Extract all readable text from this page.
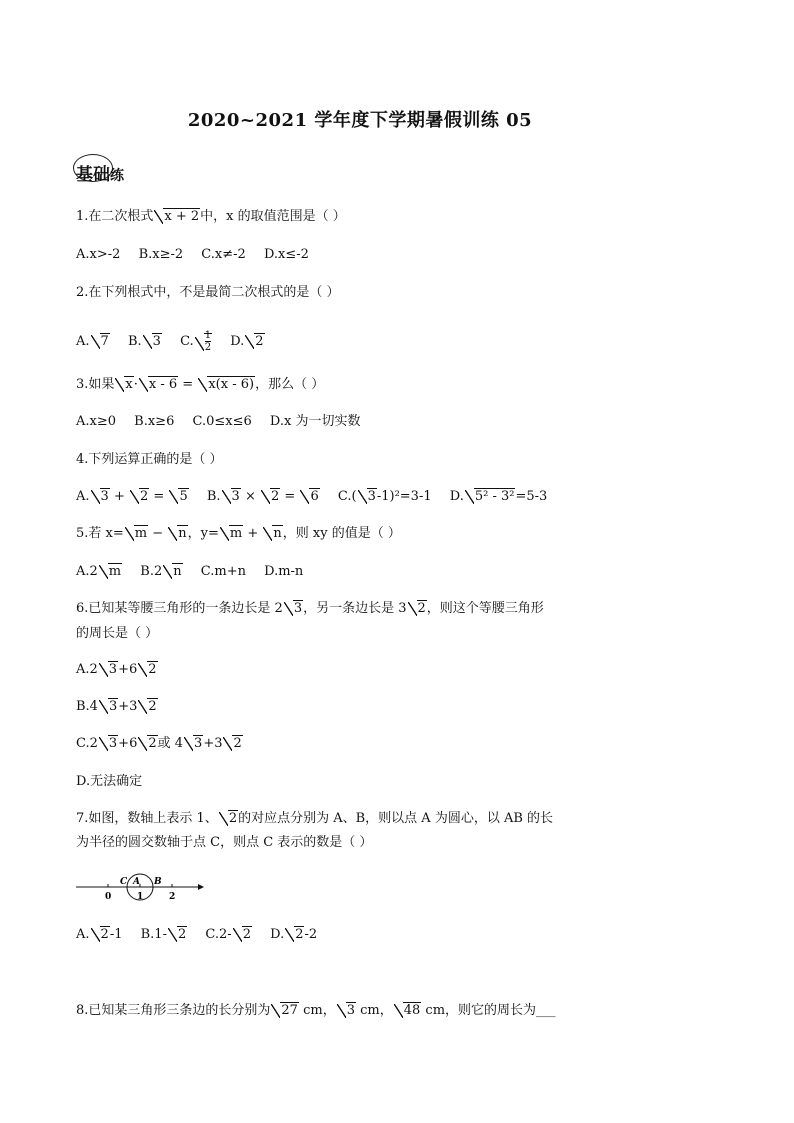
2020~2021 学年度下学期暑假训练 05
基础练
1.在二次根式 x + 2中，x 的取值范围是（ ）
A.x>-2 B.x≥-2 C.x≠-2 D.x≤-2
2.在下列根式中，不是最简二次根式的是（ ）
A. 7 B. 3 C. $\frac{1}{2} D$. 2
3.如果 x· x - 6 = x(x - 6)，那么（ ）
A.x≥0 B.x≥6 C.0≤x≤6 D.x 为一切实数
4.下列运算正确的是（ ）
A. 3 + 2 = 5 B. 3 × 2 = 6 C.( 3-1)²=3-1 D. 5² - 3²=5-3
5.若 x= m − n，y= m + n，则 xy 的值是（ ）
A.2 m B.2 n C.m+n D.m-n
6.已知某等腰三角形的一条边长是 2 3，另一条边长是 3 2，则这个等腰三角形
的周长是（ ）
A.2 3+6 2
B.4 3+3 2
C.2 3+6 2或 4 3+3 2
D.无法确定
7.如图，数轴上表示 1、 2的对应点分别为 A、B，则以点 A 为圆心，以 AB 的长
为半径的圆交数轴于点 C，则点 C 表示的数是（ ）
0	1	2
C A B
A. 2-1 B.1- 2 C.2- 2 D. 2-2
8.已知某三角形三条边的长分别为 27 cm， 3 cm， 48 cm，则它的周长为___
